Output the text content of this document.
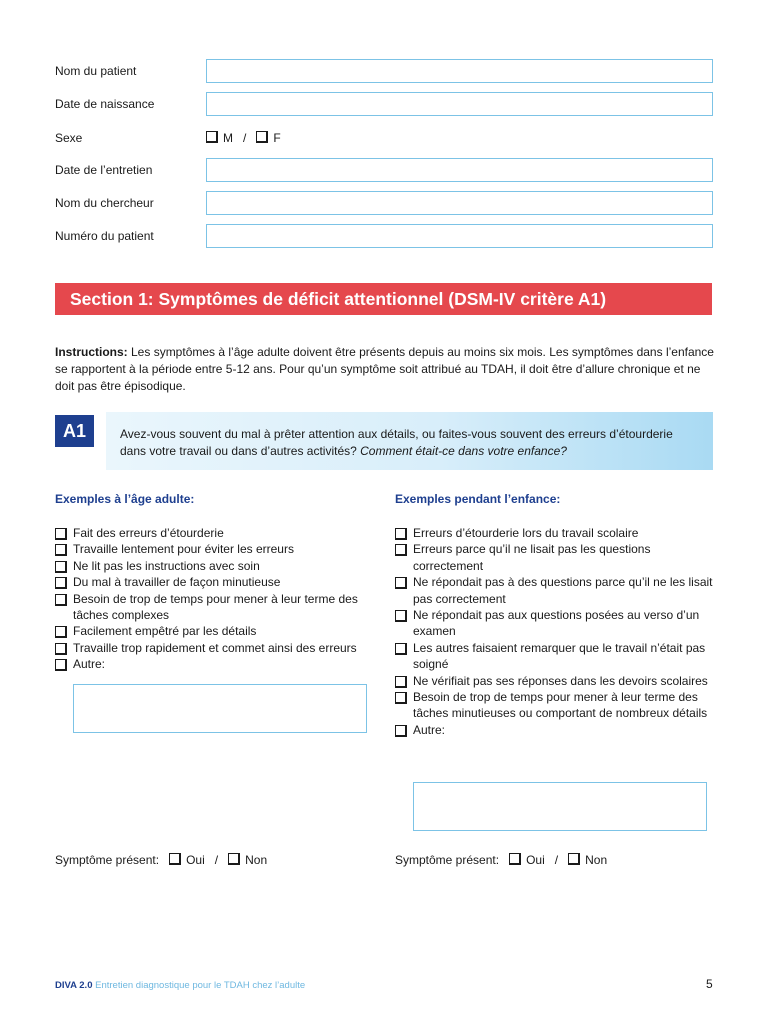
Nom du patient
Date de naissance
Sexe	M / F
Date de l’entretien
Nom du chercheur
Numéro du patient
Section 1: Symptômes de déficit attentionnel (DSM-IV critère A1)
Instructions: Les symptômes à l’âge adulte doivent être présents depuis au moins six mois. Les symptômes dans l’enfance se rapportent à la période entre 5-12 ans. Pour qu’un symptôme soit attribué au TDAH, il doit être d’allure chronique et ne doit pas être épisodique.
A1	Avez-vous souvent du mal à prêter attention aux détails, ou faites-vous souvent des erreurs d’étourderie dans votre travail ou dans d’autres activités? Comment était-ce dans votre enfance?
Exemples à l’âge adulte:
Fait des erreurs d’étourderie
Travaille lentement pour éviter les erreurs
Ne lit pas les instructions avec soin
Du mal à travailler de façon minutieuse
Besoin de trop de temps pour mener à leur terme des tâches complexes
Facilement empêtré par les détails
Travaille trop rapidement et commet ainsi des erreurs
Autre:
Exemples pendant l’enfance:
Erreurs d’étourderie lors du travail scolaire
Erreurs parce qu’il ne lisait pas les questions correctement
Ne répondait pas à des questions parce qu’il ne les lisait pas correctement
Ne répondait pas aux questions posées au verso d’un examen
Les autres faisaient remarquer que le travail n’était pas soigné
Ne vérifiait pas ses réponses dans les devoirs scolaires
Besoin de trop de temps pour mener à leur terme des tâches minutieuses ou comportant de nombreux détails
Autre:
Symptôme présent: Oui / Non	Symptôme présent: Oui / Non
DIVA 2.0 Entretien diagnostique pour le TDAH chez l’adulte	5
